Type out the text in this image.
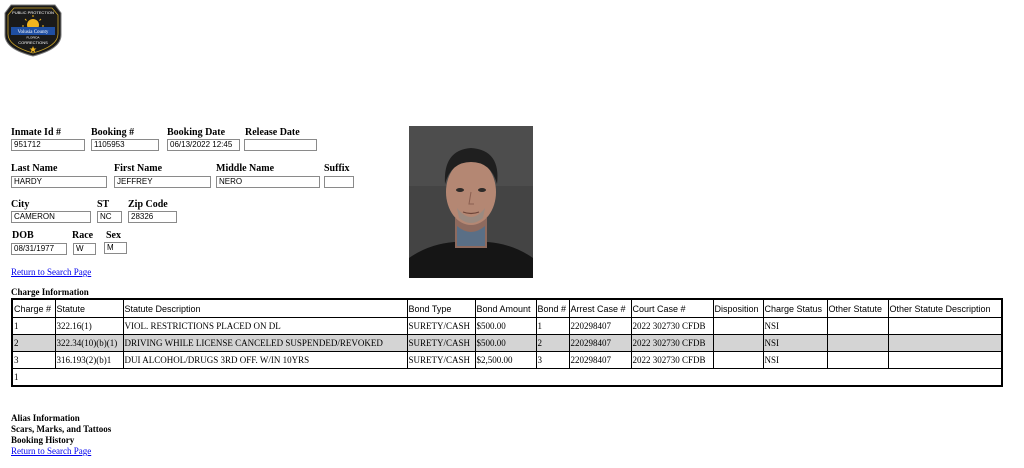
PUBLIC PROTECTION
Volusia County
FLORIDA
CORRECTIONS
Inmate Id #
951712
Booking #
1105953
Booking Date
06/13/2022 12:45
Release Date
Last Name
HARDY
First Name
JEFFREY
Middle Name
NERO
Suffix
City
CAMERON
ST
NC
Zip Code
28326
DOB
08/31/1977
Race
W
Sex
M
Return to Search Page
Charge Information
Charge #	Statute	Statute Description	Bond Type	Bond Amount	Bond #	Arrest Case #	Court Case #	Disposition	Charge Status	Other Statute	Other Statute Description
1	322.16(1)	VIOL. RESTRICTIONS PLACED ON DL	SURETY/CASH	$500.00	1	220298407	2022 302730 CFDB		NSI		
2	322.34(10)(b)(1)	DRIVING WHILE LICENSE CANCELED SUSPENDED/REVOKED	SURETY/CASH	$500.00	2	220298407	2022 302730 CFDB		NSI		
3	316.193(2)(b)1	DUI ALCOHOL/DRUGS 3RD OFF. W/IN 10YRS	SURETY/CASH	$2,500.00	3	220298407	2022 302730 CFDB		NSI		
1											
Alias Information
Scars, Marks, and Tattoos
Booking History
Return to Search Page
